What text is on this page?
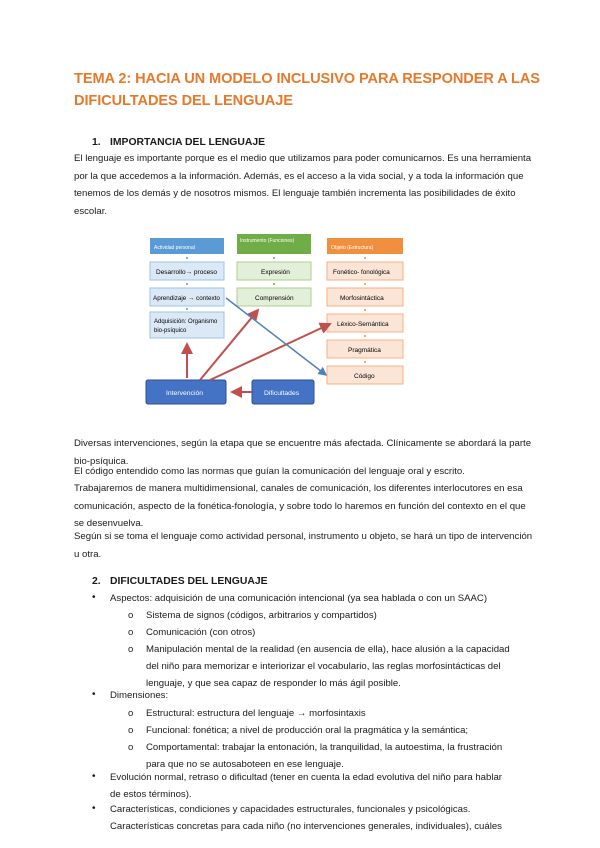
TEMA 2: HACIA UN MODELO INCLUSIVO PARA RESPONDER A LAS DIFICULTADES DEL LENGUAJE
1. IMPORTANCIA DEL LENGUAJE
El lenguaje es importante porque es el medio que utilizamos para poder comunicarnos. Es una herramienta por la que accedemos a la información. Además, es el acceso a la vida social, y a toda la información que tenemos de los demás y de nosotros mismos. El lenguaje también incrementa las posibilidades de éxito escolar.
Actividad personal
Instrumento (Funciones)
Objeto (Estructura)
Desarrollo→ proceso
Aprendizaje → contexto
Adquisición: Organismo
bio-psíquico
Expresión
Comprensión
Fonético- fonológica
Morfosintáctica
Léxico-Semántica
Pragmática
Código
Intervención	Dificultades
Diversas intervenciones, según la etapa que se encuentre más afectada. Clínicamente se abordará la parte bio-psíquica.
El código entendido como las normas que guían la comunicación del lenguaje oral y escrito.
Trabajaremos de manera multidimensional, canales de comunicación, los diferentes interlocutores en esa comunicación, aspecto de la fonética-fonología, y sobre todo lo haremos en función del contexto en el que se desenvuelva.
Según si se toma el lenguaje como actividad personal, instrumento u objeto, se hará un tipo de intervención u otra.
2. DIFICULTADES DEL LENGUAJE
• Aspectos: adquisición de una comunicación intencional (ya sea hablada o con un SAAC)
o Sistema de signos (códigos, arbitrarios y compartidos)
o Comunicación (con otros)
o Manipulación mental de la realidad (en ausencia de ella), hace alusión a la capacidad
del niño para memorizar e interiorizar el vocabulario, las reglas morfosintácticas del
lenguaje, y que sea capaz de responder lo más ágil posible.
• Dimensiones:
o Estructural: estructura del lenguaje → morfosintaxis
o Funcional: fonética; a nivel de producción oral la pragmática y la semántica;
o Comportamental: trabajar la entonación, la tranquilidad, la autoestima, la frustración
para que no se autosaboteen en ese lenguaje.
• Evolución normal, retraso o dificultad (tener en cuenta la edad evolutiva del niño para hablar
de estos términos).
• Características, condiciones y capacidades estructurales, funcionales y psicológicas.
Características concretas para cada niño (no intervenciones generales, individuales), cuáles
